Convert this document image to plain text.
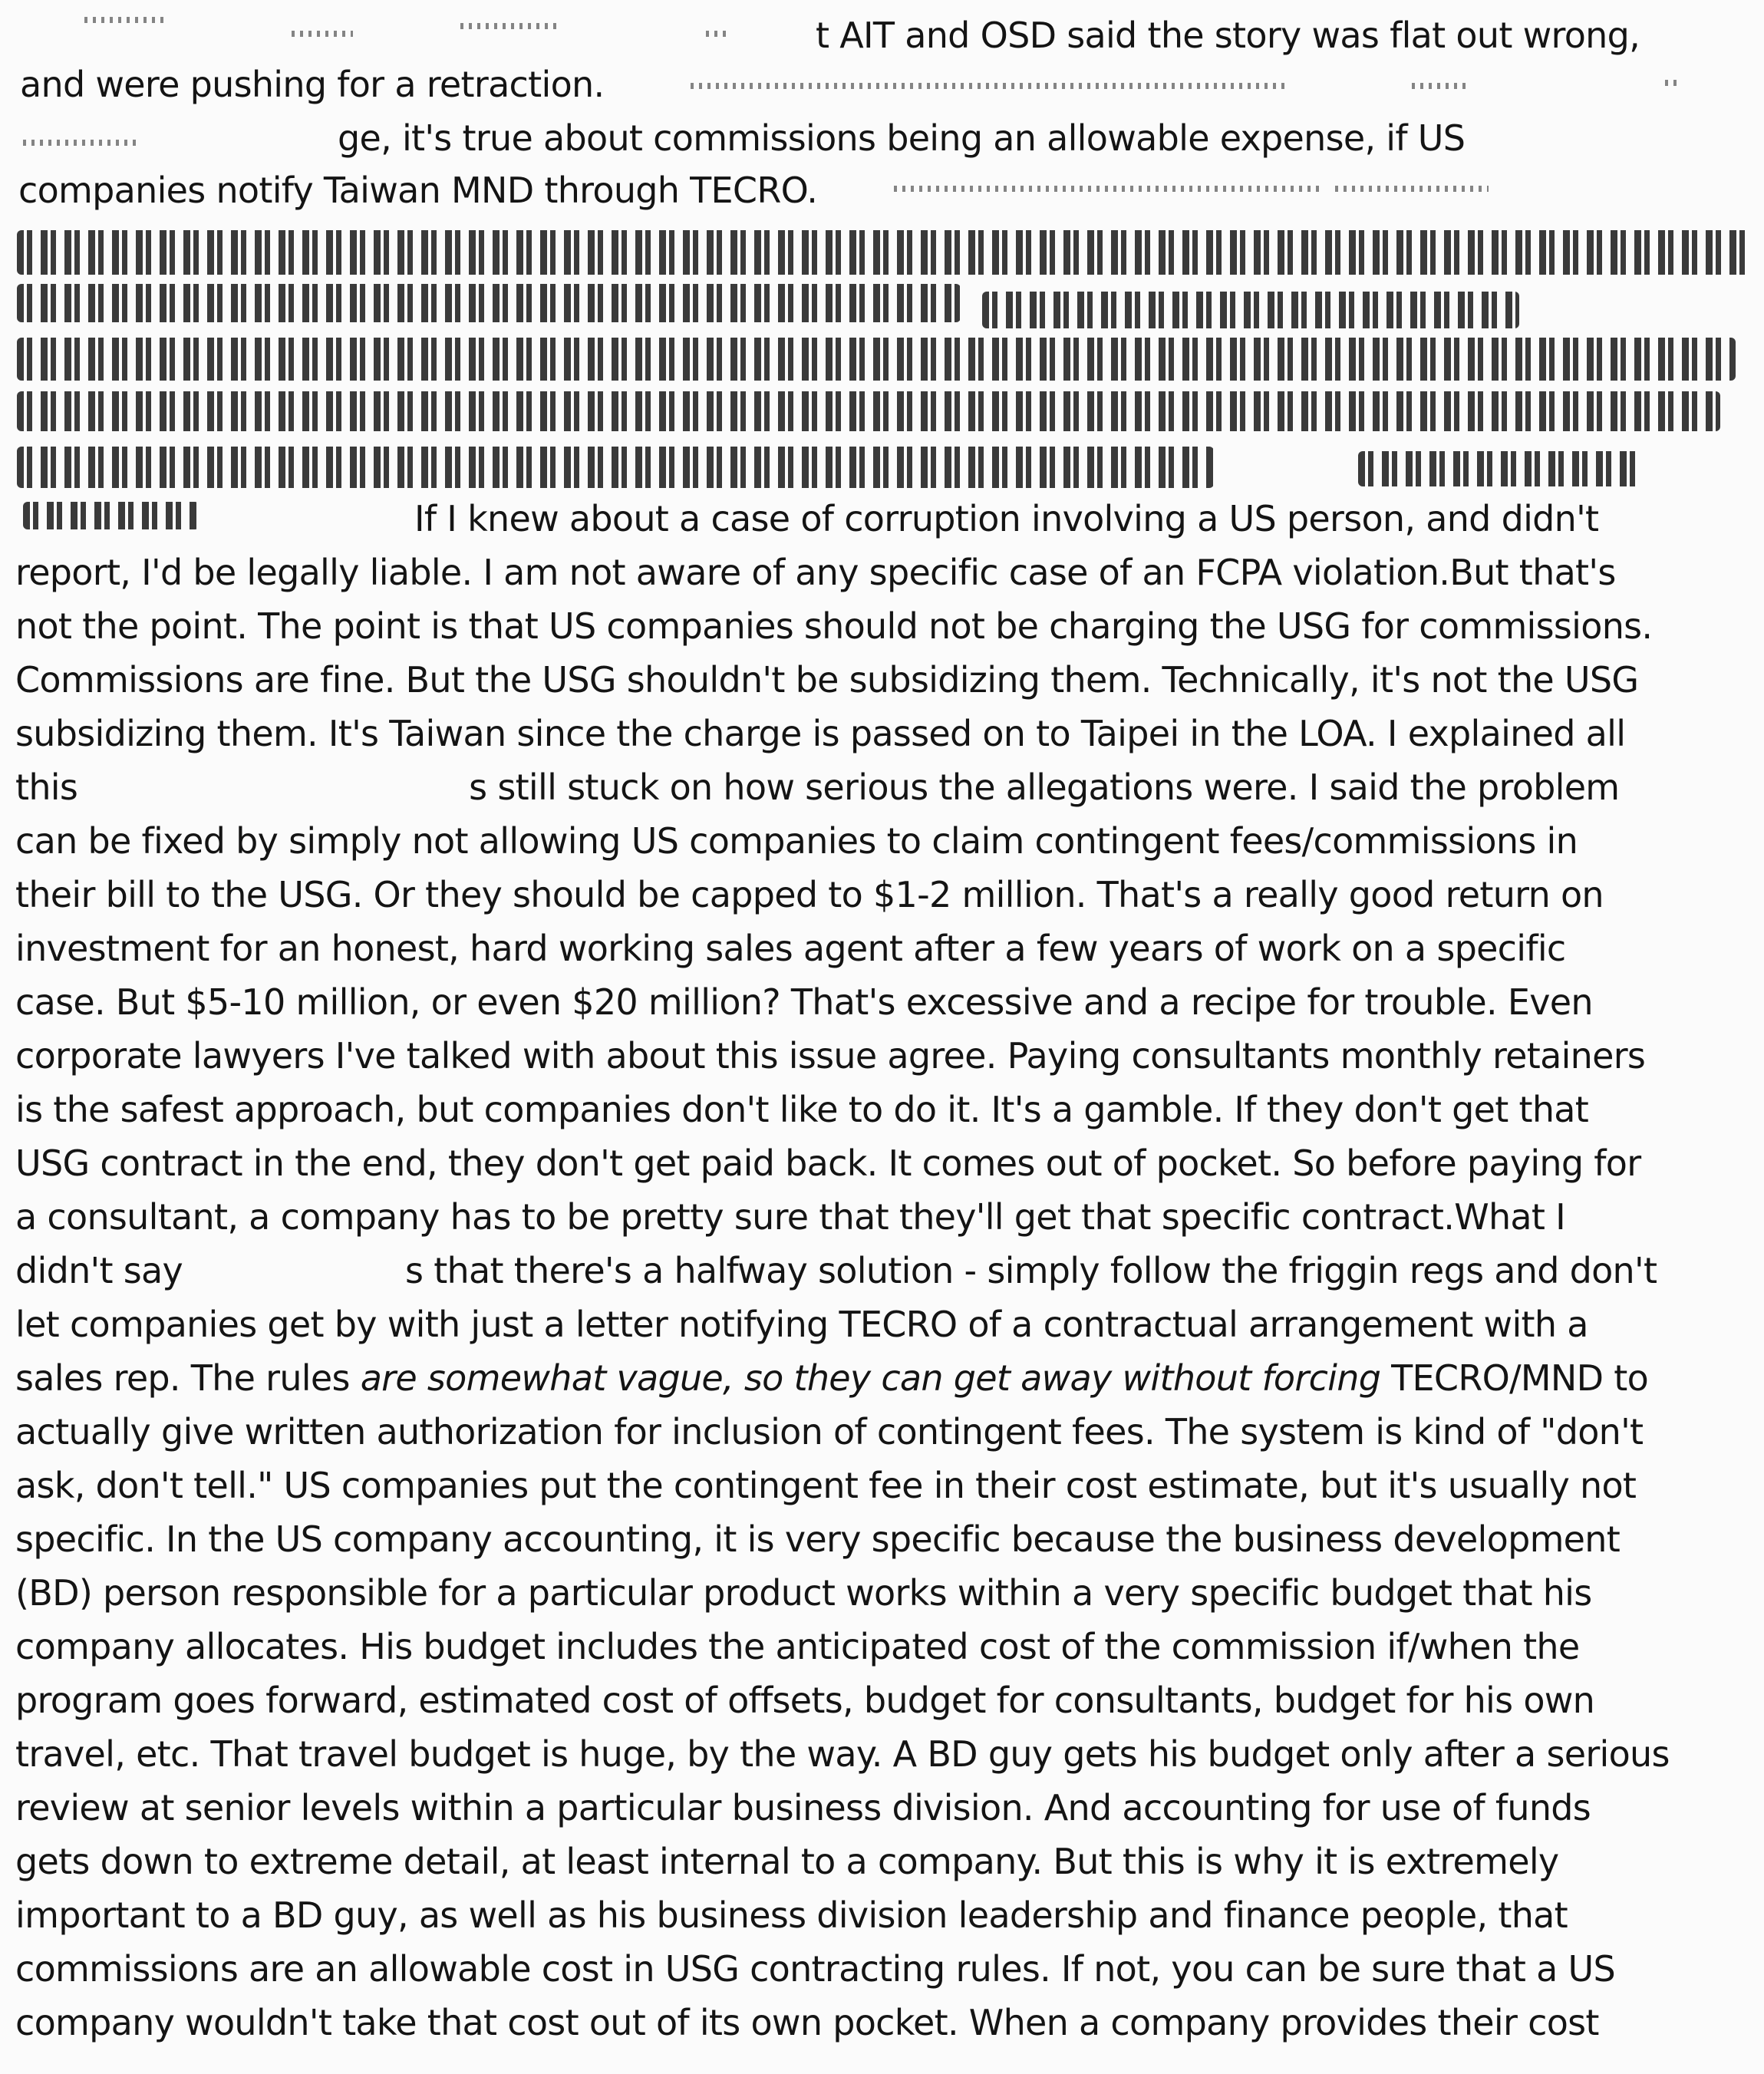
t AIT and OSD said the story was flat out wrong,
and were pushing for a retraction.
ge, it's true about commissions being an allowable expense, if US
companies notify Taiwan MND through TECRO.
If I knew about a case of corruption involving a US person, and didn't
report, I'd be legally liable. I am not aware of any specific case of an FCPA violation.But that's
not the point. The point is that US companies should not be charging the USG for commissions.
Commissions are fine. But the USG shouldn't be subsidizing them. Technically, it's not the USG
subsidizing them. It's Taiwan since the charge is passed on to Taipei in the LOA. I explained all
this	s still stuck on how serious the allegations were. I said the problem
can be fixed by simply not allowing US companies to claim contingent fees/commissions in
their bill to the USG. Or they should be capped to $1-2 million. That's a really good return on
investment for an honest, hard working sales agent after a few years of work on a specific
case. But $5-10 million, or even $20 million? That's excessive and a recipe for trouble. Even
corporate lawyers I've talked with about this issue agree. Paying consultants monthly retainers
is the safest approach, but companies don't like to do it. It's a gamble. If they don't get that
USG contract in the end, they don't get paid back. It comes out of pocket. So before paying for
a consultant, a company has to be pretty sure that they'll get that specific contract.What I
didn't say	s that there's a halfway solution - simply follow the friggin regs and don't
let companies get by with just a letter notifying TECRO of a contractual arrangement with a
sales rep. The rules are somewhat vague, so they can get away without forcing TECRO/MND to
actually give written authorization for inclusion of contingent fees. The system is kind of "don't
ask, don't tell." US companies put the contingent fee in their cost estimate, but it's usually not
specific. In the US company accounting, it is very specific because the business development
(BD) person responsible for a particular product works within a very specific budget that his
company allocates. His budget includes the anticipated cost of the commission if/when the
program goes forward, estimated cost of offsets, budget for consultants, budget for his own
travel, etc. That travel budget is huge, by the way. A BD guy gets his budget only after a serious
review at senior levels within a particular business division. And accounting for use of funds
gets down to extreme detail, at least internal to a company. But this is why it is extremely
important to a BD guy, as well as his business division leadership and finance people, that
commissions are an allowable cost in USG contracting rules. If not, you can be sure that a US
company wouldn't take that cost out of its own pocket. When a company provides their cost
